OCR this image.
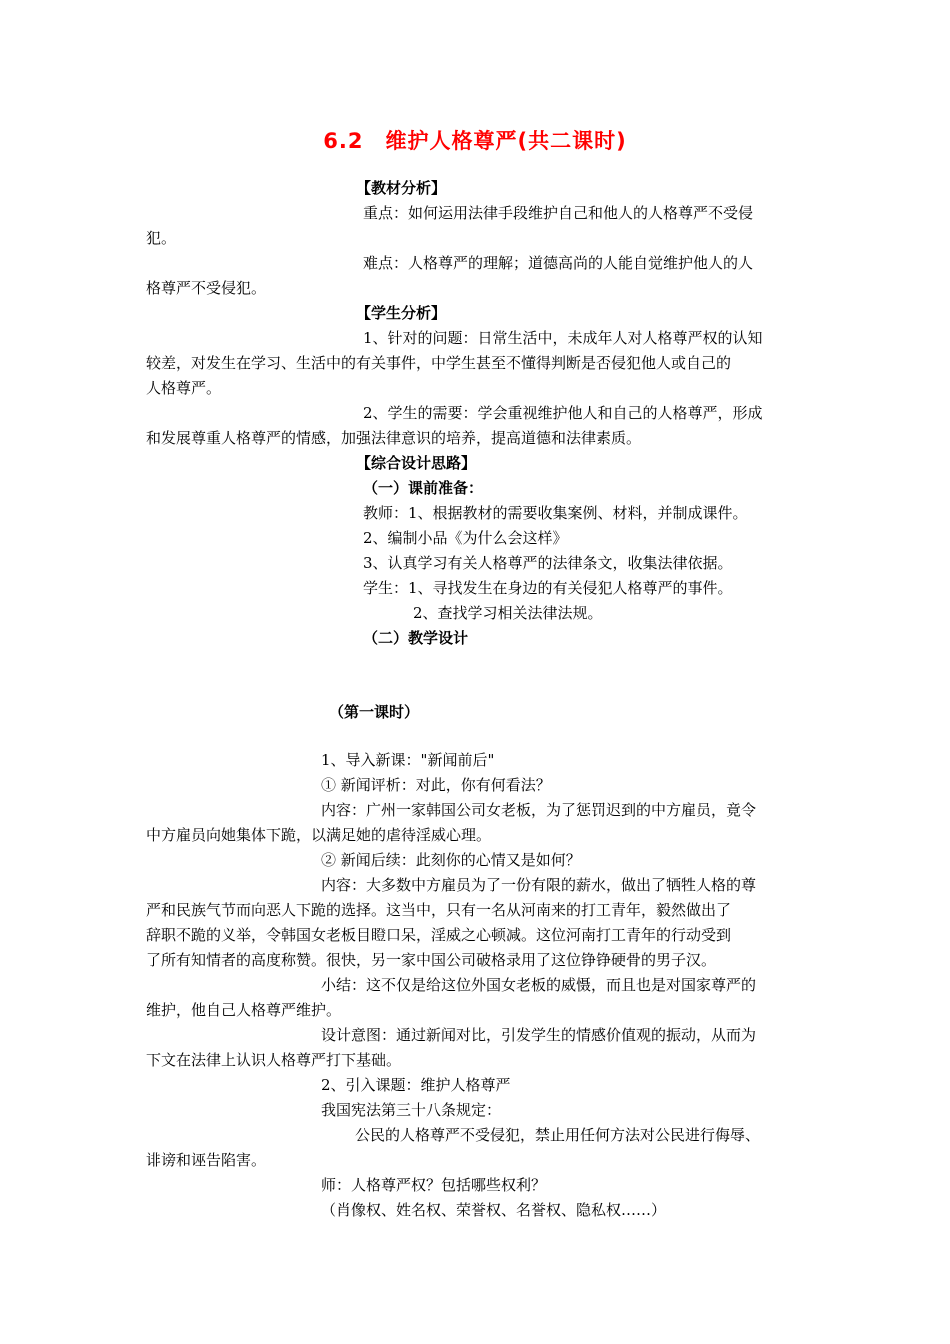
6.2　维护人格尊严(共二课时)
【教材分析】
重点：如何运用法律手段维护自己和他人的人格尊严不受侵
犯。
难点：人格尊严的理解；道德高尚的人能自觉维护他人的人
格尊严不受侵犯。
【学生分析】
1、针对的问题：日常生活中，未成年人对人格尊严权的认知
较差，对发生在学习、生活中的有关事件，中学生甚至不懂得判断是否侵犯他人或自己的
人格尊严。
2、学生的需要：学会重视维护他人和自己的人格尊严，形成
和发展尊重人格尊严的情感，加强法律意识的培养，提高道德和法律素质。
【综合设计思路】
（一）课前准备：
教师：1、根据教材的需要收集案例、材料，并制成课件。
2、编制小品《为什么会这样》
3、认真学习有关人格尊严的法律条文，收集法律依据。
学生：1、寻找发生在身边的有关侵犯人格尊严的事件。
2、查找学习相关法律法规。
（二）教学设计
（第一课时）
1、导入新课："新闻前后"
① 新闻评析：对此，你有何看法？
内容：广州一家韩国公司女老板，为了惩罚迟到的中方雇员，竟令
中方雇员向她集体下跪，以满足她的虐待淫威心理。
② 新闻后续：此刻你的心情又是如何？
内容：大多数中方雇员为了一份有限的薪水，做出了牺牲人格的尊
严和民族气节而向恶人下跪的选择。这当中，只有一名从河南来的打工青年，毅然做出了
辞职不跪的义举，令韩国女老板目瞪口呆，淫威之心顿减。这位河南打工青年的行动受到
了所有知情者的高度称赞。很快，另一家中国公司破格录用了这位铮铮硬骨的男子汉。
小结：这不仅是给这位外国女老板的威慑，而且也是对国家尊严的
维护，他自己人格尊严维护。
设计意图：通过新闻对比，引发学生的情感价值观的振动，从而为
下文在法律上认识人格尊严打下基础。
2、引入课题：维护人格尊严
我国宪法第三十八条规定：
公民的人格尊严不受侵犯，禁止用任何方法对公民进行侮辱、
诽谤和诬告陷害。
师：人格尊严权？包括哪些权利？
（肖像权、姓名权、荣誉权、名誉权、隐私权……）
